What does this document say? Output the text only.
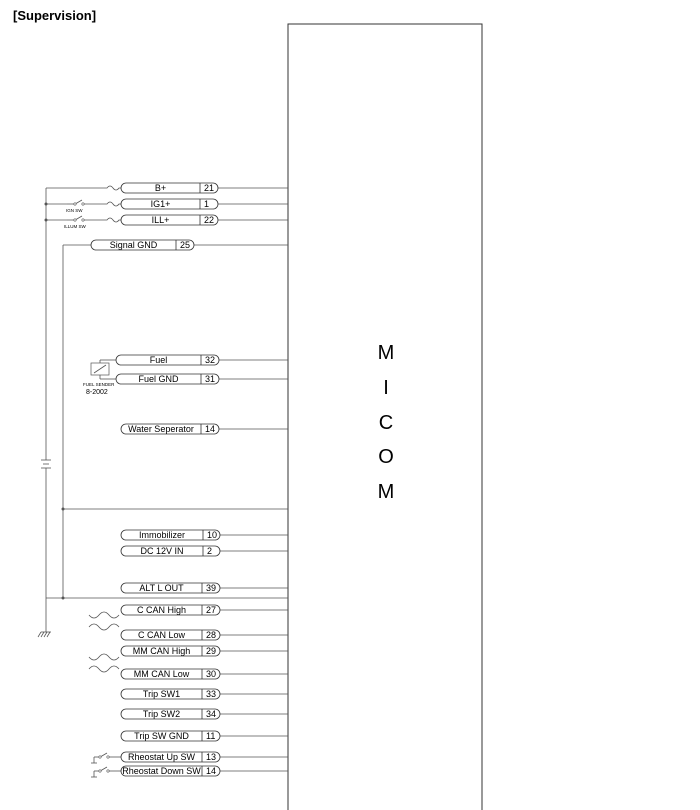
[Supervision]
M
I
C
O
M
IGN SW
ILLUM SW
FUEL SENDER
8-2002
B+	21
IG1+	1
ILL+	22
Signal GND	25
Fuel	32
Fuel GND	31
Water Seperator 14
Immobilizer 10
DC 12V IN	2
ALT L OUT 39
C CAN High 27
C CAN Low 28
MM CAN High 29
MM CAN Low 30
Trip SW1	33
Trip SW2	34
Trip SW GND 11
Rheostat Up SW 13
Rheostat Down SW 14
